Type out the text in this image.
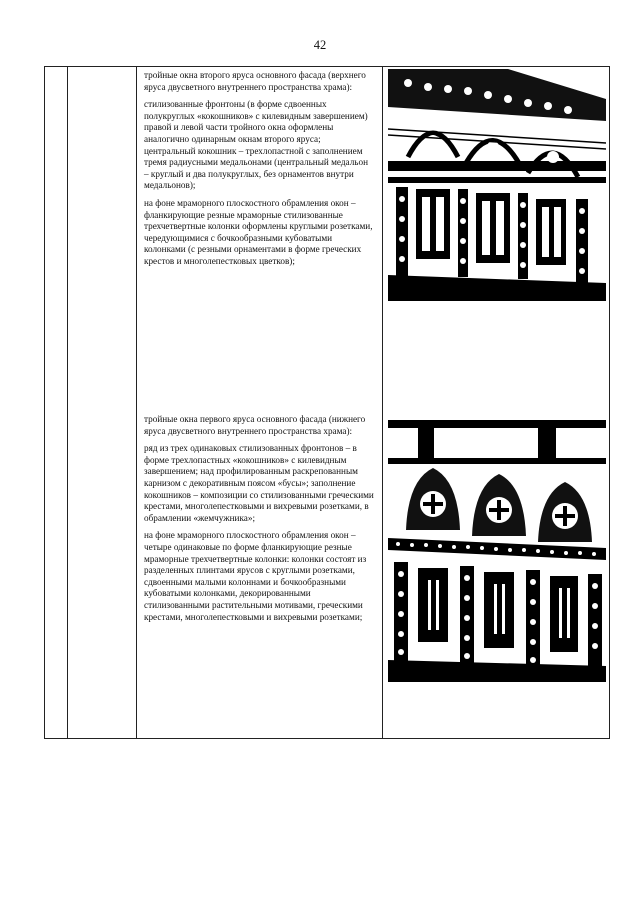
42

тройные окна второго яруса основного фасада (верхнего яруса двусветного внутреннего пространства храма):

стилизованные фронтоны (в форме сдвоенных полукруглых «кокошников» с килевидным завершением) правой и левой части тройного окна оформлены аналогично одинарным окнам второго яруса; центральный кокошник – трехлопастной с заполнением тремя радиусными медальонами (центральный медальон – круглый и два полукруглых, без орнаментов внутри медальонов);

на фоне мраморного плоскостного обрамления окон – фланкирующие резные мраморные стилизованные трехчетвертные колонки оформлены круглыми розетками, чередующимися с бочкообразными кубоватыми колонками (с резными орнаментами в форме греческих крестов и многолепестковых цветков);

тройные окна первого яруса основного фасада (нижнего яруса двусветного внутреннего пространства храма):

ряд из трех одинаковых стилизованных фронтонов – в форме трехлопастных «кокошников» с килевидным завершением; над профилированным раскрепованным карнизом с декоративным поясом «бусы»; заполнение кокошников – композиции со стилизованными греческими крестами, многолепестковыми и вихревыми розетками, в обрамлении «жемчужника»;

на фоне мраморного плоскостного обрамления окон – четыре одинаковые по форме фланкирующие резные мраморные трехчетвертные колонки: колонки состоят из разделенных плинтами ярусов с круглыми розетками, сдвоенными малыми колоннами и бочкообразными кубоватыми колонками, декорированными стилизованными растительными мотивами, греческими крестами, многолепестковыми и вихревыми розетками;
